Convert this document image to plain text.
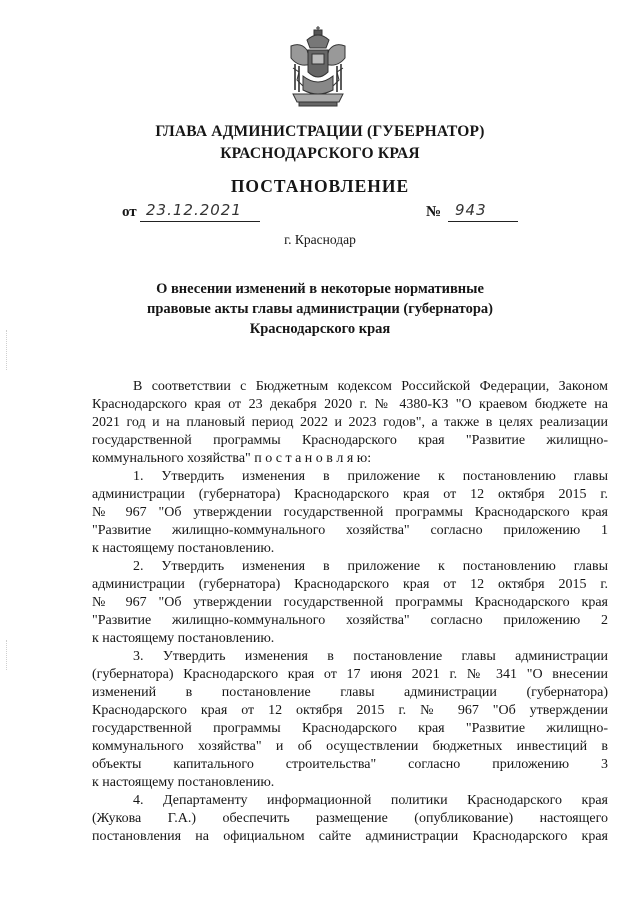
ГЛАВА АДМИНИСТРАЦИИ (ГУБЕРНАТОР)
КРАСНОДАРСКОГО КРАЯ
ПОСТАНОВЛЕНИЕ
от 23.12.2021	№ 943
г. Краснодар
О внесении изменений в некоторые нормативные
правовые акты главы администрации (губернатора)
Краснодарского края
В соответствии с Бюджетным кодексом Российской Федерации, Законом
Краснодарского края от 23 декабря 2020 г. № 4380-КЗ "О краевом бюджете на
2021 год и на плановый период 2022 и 2023 годов", а также в целях реализации
государственной программы Краснодарского края "Развитие жилищно-
коммунального хозяйства" п о с т а н о в л я ю:
1. Утвердить изменения в приложение к постановлению главы
администрации (губернатора) Краснодарского края от 12 октября 2015 г.
№ 967 "Об утверждении государственной программы Краснодарского края
"Развитие жилищно-коммунального хозяйства" согласно приложению 1
к настоящему постановлению.
2. Утвердить изменения в приложение к постановлению главы
администрации (губернатора) Краснодарского края от 12 октября 2015 г.
№ 967 "Об утверждении государственной программы Краснодарского края
"Развитие жилищно-коммунального хозяйства" согласно приложению 2
к настоящему постановлению.
3. Утвердить изменения в постановление главы администрации
(губернатора) Краснодарского края от 17 июня 2021 г. № 341 "О внесении
изменений в постановление главы администрации (губернатора)
Краснодарского края от 12 октября 2015 г. № 967 "Об утверждении
государственной программы Краснодарского края "Развитие жилищно-
коммунального хозяйства" и об осуществлении бюджетных инвестиций в
объекты капитального строительства" согласно приложению 3
к настоящему постановлению.
4. Департаменту информационной политики Краснодарского края
(Жукова Г.А.) обеспечить размещение (опубликование) настоящего
постановления на официальном сайте администрации Краснодарского края
